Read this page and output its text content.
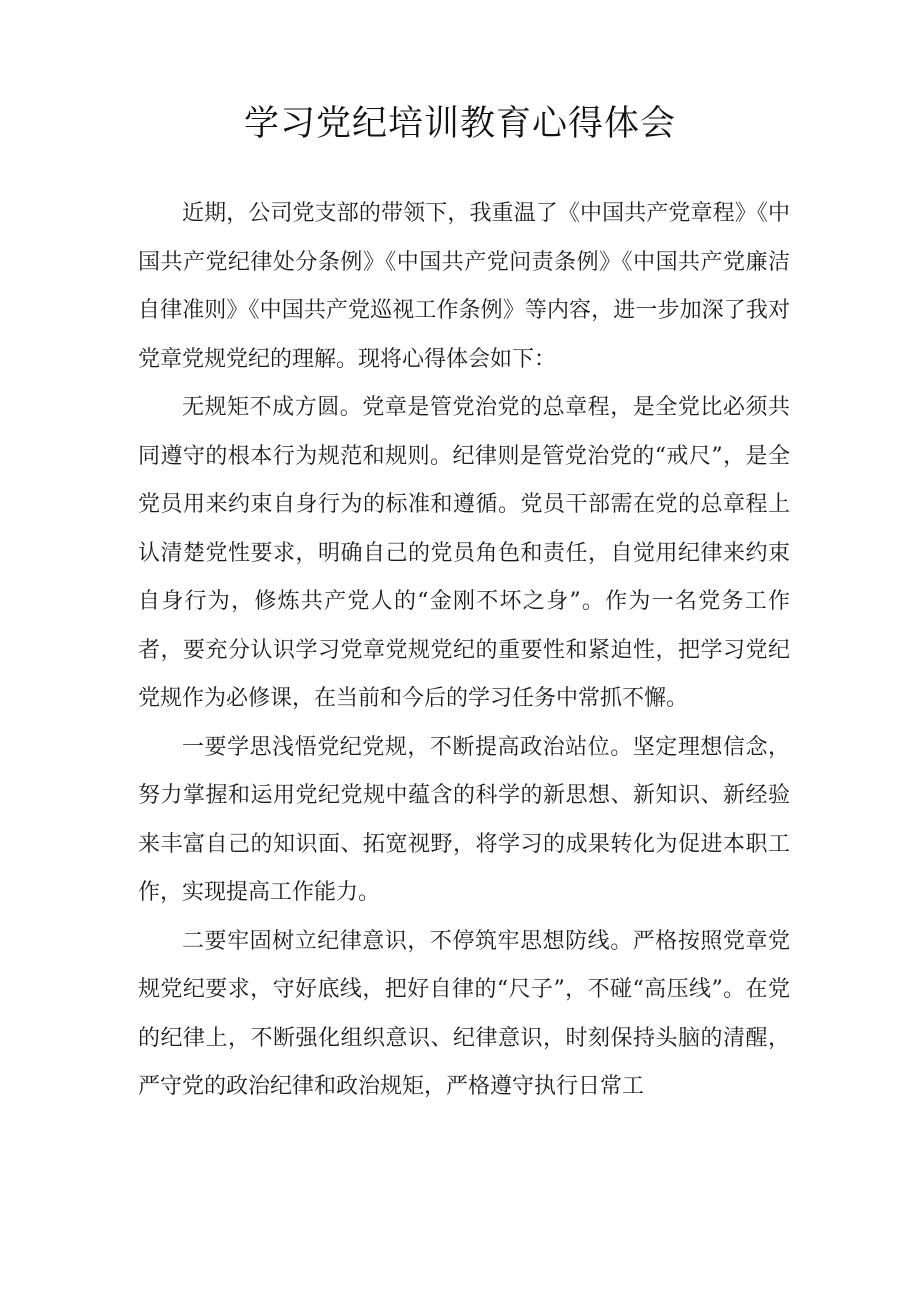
学习党纪培训教育心得体会

近期，公司党支部的带领下，我重温了《中国共产党章程》《中国共产党纪律处分条例》《中国共产党问责条例》《中国共产党廉洁自律准则》《中国共产党巡视工作条例》等内容，进一步加深了我对党章党规党纪的理解。现将心得体会如下：

无规矩不成方圆。党章是管党治党的总章程，是全党比必须共同遵守的根本行为规范和规则。纪律则是管党治党的“戒尺”，是全党员用来约束自身行为的标准和遵循。党员干部需在党的总章程上认清楚党性要求，明确自己的党员角色和责任，自觉用纪律来约束自身行为，修炼共产党人的“金刚不坏之身”。作为一名党务工作者，要充分认识学习党章党规党纪的重要性和紧迫性，把学习党纪党规作为必修课，在当前和今后的学习任务中常抓不懈。

一要学思浅悟党纪党规，不断提高政治站位。坚定理想信念，努力掌握和运用党纪党规中蕴含的科学的新思想、新知识、新经验来丰富自己的知识面、拓宽视野，将学习的成果转化为促进本职工作，实现提高工作能力。

二要牢固树立纪律意识，不停筑牢思想防线。严格按照党章党规党纪要求，守好底线，把好自律的“尺子”，不碰“高压线”。在党的纪律上，不断强化组织意识、纪律意识，时刻保持头脑的清醒，严守党的政治纪律和政治规矩，严格遵守执行日常工
